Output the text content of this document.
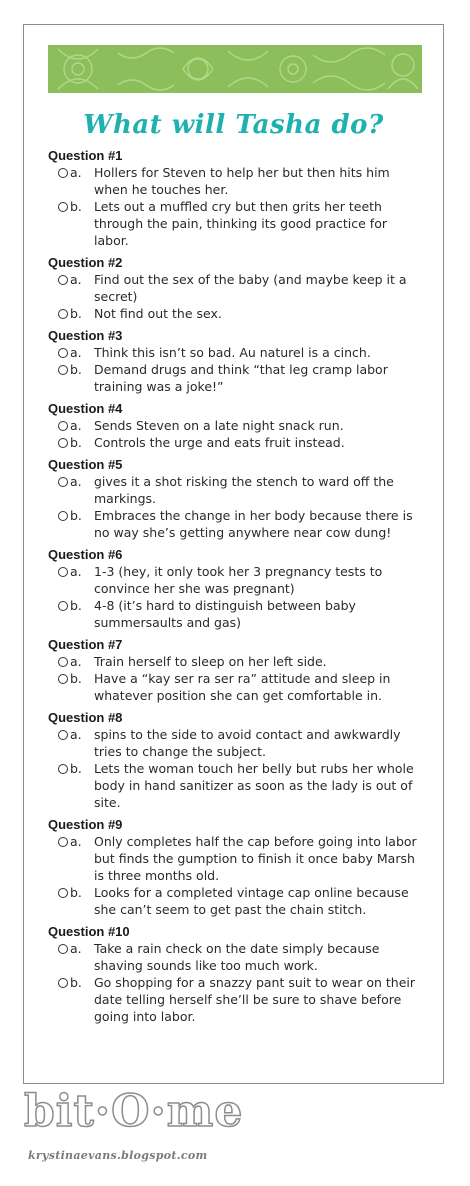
What will Tasha do?
Question #1
a. Hollers for Steven to help her but then hits him when he touches her.
b. Lets out a muffled cry but then grits her teeth through the pain, thinking its good practice for labor.
Question #2
a. Find out the sex of the baby (and maybe keep it a secret)
b. Not find out the sex.
Question #3
a. Think this isn’t so bad. Au naturel is a cinch.
b. Demand drugs and think “that leg cramp labor training was a joke!”
Question #4
a. Sends Steven on a late night snack run.
b. Controls the urge and eats fruit instead.
Question #5
a. gives it a shot risking the stench to ward off the markings.
b. Embraces the change in her body because there is no way she’s getting anywhere near cow dung!
Question #6
a. 1-3 (hey, it only took her 3 pregnancy tests to convince her she was pregnant)
b. 4-8 (it’s hard to distinguish between baby summersaults and gas)
Question #7
a. Train herself to sleep on her left side.
b. Have a “kay ser ra ser ra” attitude and sleep in whatever position she can get comfortable in.
Question #8
a. spins to the side to avoid contact and awkwardly tries to change the subject.
b. Lets the woman touch her belly but rubs her whole body in hand sanitizer as soon as the lady is out of site.
Question #9
a. Only completes half the cap before going into labor but finds the gumption to finish it once baby Marsh is three months old.
b. Looks for a completed vintage cap online because she can’t seem to get past the chain stitch.
Question #10
a. Take a rain check on the date simply because shaving sounds like too much work.
b. Go shopping for a snazzy pant suit to wear on their date telling herself she’ll be sure to shave before going into labor.
bit·O·me
krystinaevans.blogspot.com
